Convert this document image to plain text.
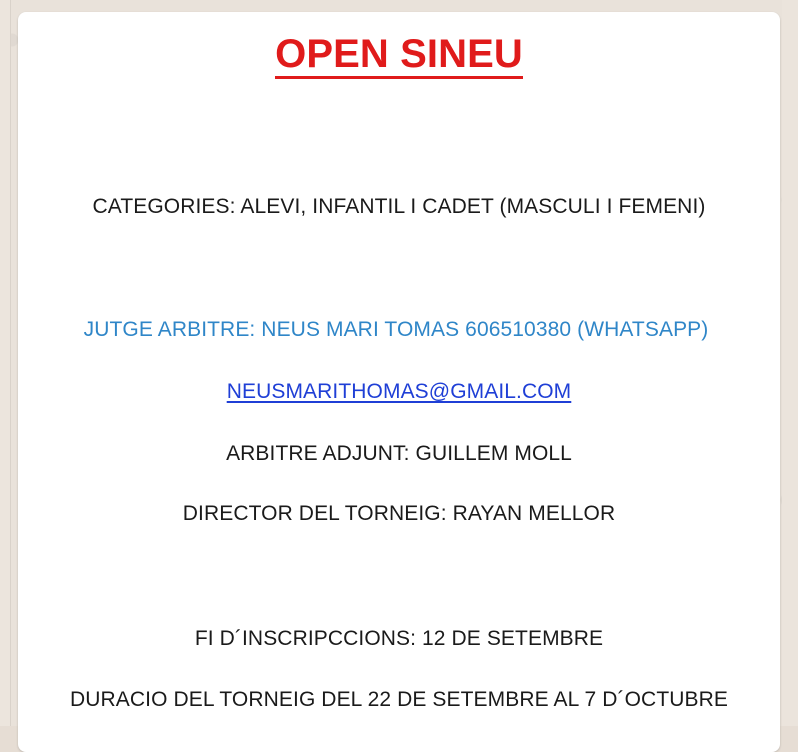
OPEN SINEU
CATEGORIES: ALEVI, INFANTIL I CADET (MASCULI I FEMENI)
JUTGE ARBITRE: NEUS MARI TOMAS 606510380 (WHATSAPP)
NEUSMARITHOMAS@GMAIL.COM
ARBITRE ADJUNT: GUILLEM MOLL
DIRECTOR DEL TORNEIG: RAYAN MELLOR
FI D´INSCRIPCCIONS: 12 DE SETEMBRE
DURACIO DEL TORNEIG DEL 22 DE SETEMBRE AL 7 D´OCTUBRE
